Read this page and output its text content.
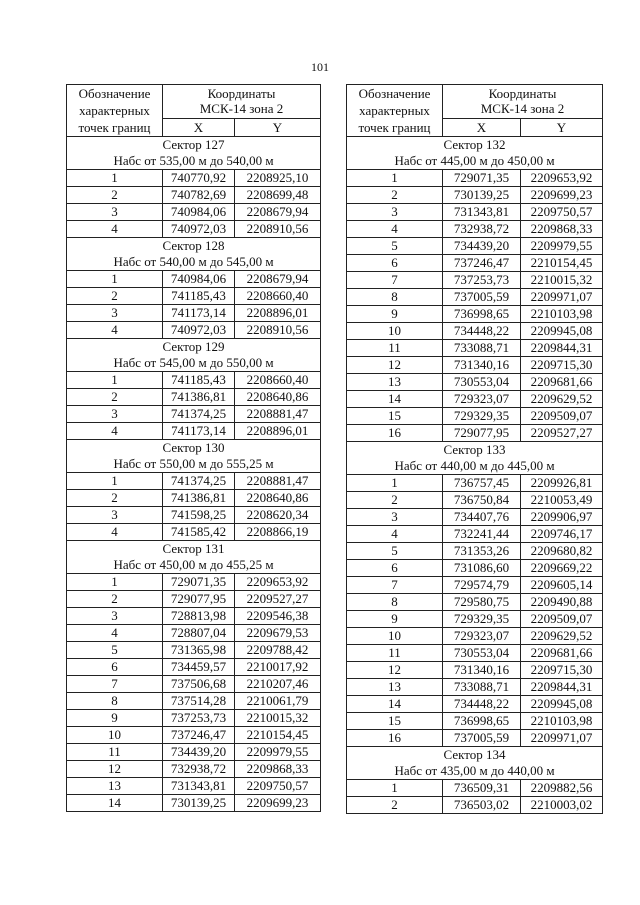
101
Обозначение характерных точек границ	Координаты
МСК-14 зона 2	
	X	Y
Сектор 127		
Набс от 535,00 м до 540,00 м		
1	740770,92	2208925,10
2	740782,69	2208699,48
3	740984,06	2208679,94
4	740972,03	2208910,56
Сектор 128		
Набс от 540,00 м до 545,00 м		
1	740984,06	2208679,94
2	741185,43	2208660,40
3	741173,14	2208896,01
4	740972,03	2208910,56
Сектор 129		
Набс от 545,00 м до 550,00 м		
1	741185,43	2208660,40
2	741386,81	2208640,86
3	741374,25	2208881,47
4	741173,14	2208896,01
Сектор 130		
Набс от 550,00 м до 555,25 м		
1	741374,25	2208881,47
2	741386,81	2208640,86
3	741598,25	2208620,34
4	741585,42	2208866,19
Сектор 131		
Набс от 450,00 м до 455,25 м		
1	729071,35	2209653,92
2	729077,95	2209527,27
3	728813,98	2209546,38
4	728807,04	2209679,53
5	731365,98	2209788,42
6	734459,57	2210017,92
7	737506,68	2210207,46
8	737514,28	2210061,79
9	737253,73	2210015,32
10	737246,47	2210154,45
11	734439,20	2209979,55
12	732938,72	2209868,33
13	731343,81	2209750,57
14	730139,25	2209699,23
Обозначение характерных точек границ	Координаты
МСК-14 зона 2	
	X	Y
Сектор 132		
Набс от 445,00 м до 450,00 м		
1	729071,35	2209653,92
2	730139,25	2209699,23
3	731343,81	2209750,57
4	732938,72	2209868,33
5	734439,20	2209979,55
6	737246,47	2210154,45
7	737253,73	2210015,32
8	737005,59	2209971,07
9	736998,65	2210103,98
10	734448,22	2209945,08
11	733088,71	2209844,31
12	731340,16	2209715,30
13	730553,04	2209681,66
14	729323,07	2209629,52
15	729329,35	2209509,07
16	729077,95	2209527,27
Сектор 133		
Набс от 440,00 м до 445,00 м		
1	736757,45	2209926,81
2	736750,84	2210053,49
3	734407,76	2209906,97
4	732241,44	2209746,17
5	731353,26	2209680,82
6	731086,60	2209669,22
7	729574,79	2209605,14
8	729580,75	2209490,88
9	729329,35	2209509,07
10	729323,07	2209629,52
11	730553,04	2209681,66
12	731340,16	2209715,30
13	733088,71	2209844,31
14	734448,22	2209945,08
15	736998,65	2210103,98
16	737005,59	2209971,07
Сектор 134		
Набс от 435,00 м до 440,00 м		
1	736509,31	2209882,56
2	736503,02	2210003,02
